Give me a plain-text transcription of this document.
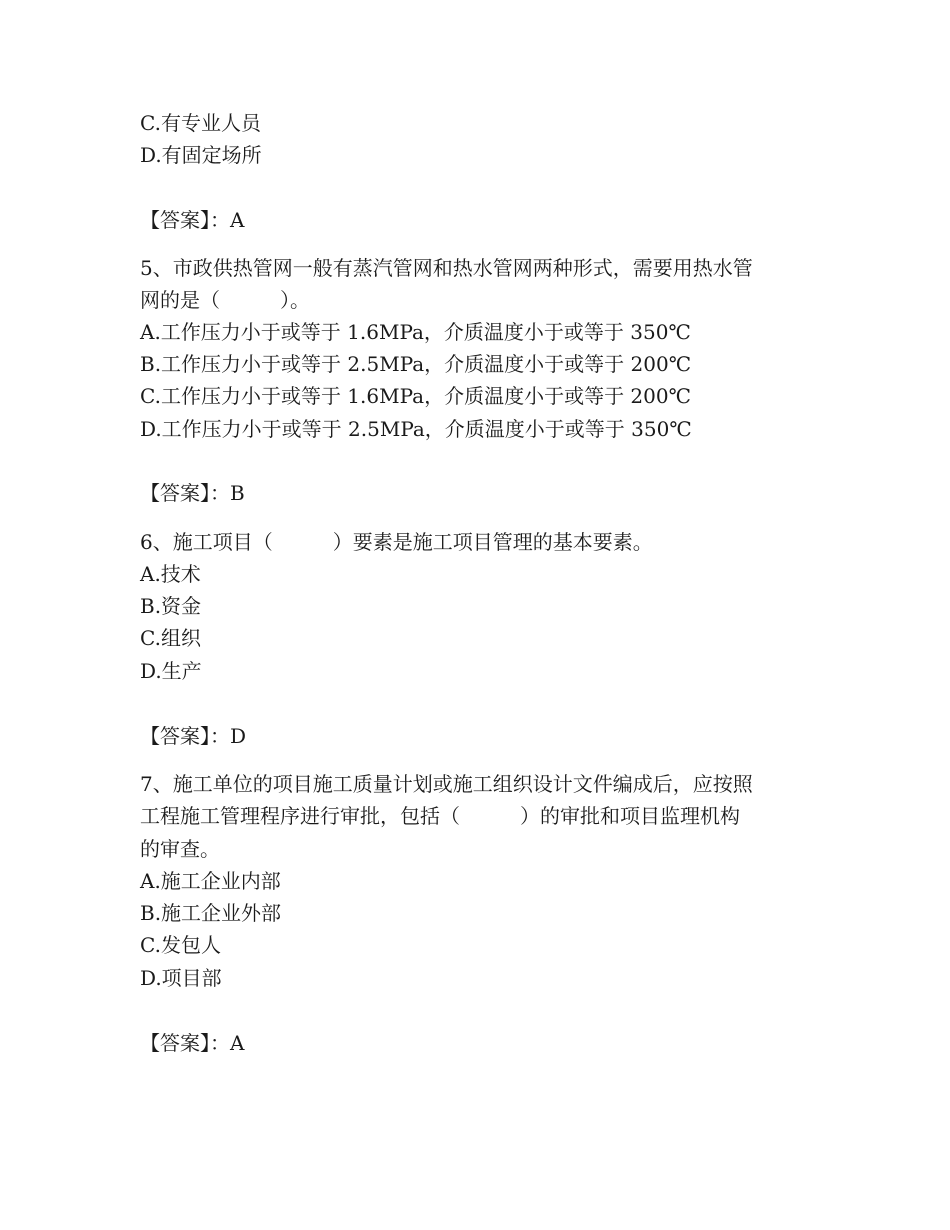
C.有专业人员
D.有固定场所
【答案】：A
5、市政供热管网一般有蒸汽管网和热水管网两种形式，需要用热水管
网的是（　　　）。
A.工作压力小于或等于 1.6MPa，介质温度小于或等于 350℃
B.工作压力小于或等于 2.5MPa，介质温度小于或等于 200℃
C.工作压力小于或等于 1.6MPa，介质温度小于或等于 200℃
D.工作压力小于或等于 2.5MPa，介质温度小于或等于 350℃
【答案】：B
6、施工项目（　　　）要素是施工项目管理的基本要素。
A.技术
B.资金
C.组织
D.生产
【答案】：D
7、施工单位的项目施工质量计划或施工组织设计文件编成后，应按照
工程施工管理程序进行审批，包括（　　　）的审批和项目监理机构
的审查。
A.施工企业内部
B.施工企业外部
C.发包人
D.项目部
【答案】：A
